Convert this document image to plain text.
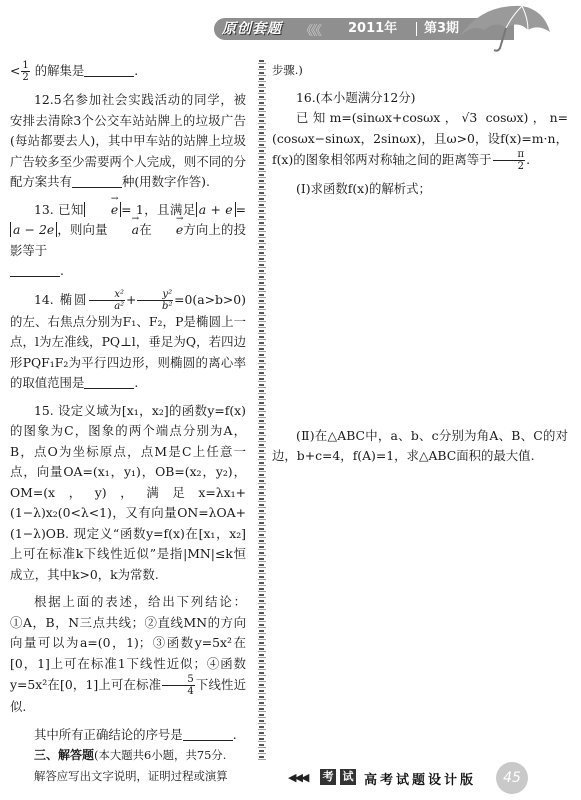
原创套题 《《《 2011年 第3期

< $\frac{1}{2}$ 的解集是	.

12.5名参加社会实践活动的同学，被安排去清除3个公交车站站牌上的垃圾广告(每站都要去人)，其中甲车站的站牌上垃圾广告较多至少需要两个人完成，则不同的分配方案共有	种(用数字作答).

13. 已知 → e = 1，且满足 a + e = a − 2e ，则向量 → a在 → e方向上的投影等于
.

14. 椭圆 $\frac{\text{x²}}{\text{a²}} + \frac{\text{y²}}{\text{b²}} =0(a>b>0)$的左、右焦点分别为F₁、F₂，P是椭圆上一点，l为左准线，PQ⊥l，垂足为Q，若四边形PQF₁F₂为平行四边形，则椭圆的离心率的取值范围是	.

15. 设定义域为[x₁，x₂]的函数y=f(x)的图象为C，图象的两个端点分别为A，B，点O为坐标原点，点M是C上任意一点，向量OA=(x₁，y₁)，OB=(x₂，y₂)，OM=(x，y)，满足x=λx₁+(1−λ)x₂(0<λ<1)，又有向量ON=λOA+(1−λ)OB. 现定义“函数y=f(x)在[x₁，x₂]上可在标准k下线性近似”是指|MN|≤k恒成立，其中k>0，k为常数.

根据上面的表述，给出下列结论：①A，B，N三点共线；②直线MN的方向向量可以为a=(0，1)；③函数y=5x²在[0，1]上可在标准1下线性近似；④函数y=5x²在[0，1]上可在标准 $\frac{5}{4}$ 下线性近似.

其中所有正确结论的序号是	.

三、解答题(本大题共6小题，共75分.

解答应写出文字说明，证明过程或演算

步骤.)

16.(本小题满分12分)

已知m=(sinωx+cosωx，√3 cosωx)，n=(cosωx−sinωx，2sinωx)，且ω>0，设f(x)=m·n，f(x)的图象相邻两对称轴之间的距离等于 $\frac{\pi}{2}$ .

(Ⅰ)求函数f(x)的解析式；

(Ⅱ)在△ABC中，a、b、c分别为角A、B、C的对边，b+c=4，f(A)=1，求△ABC面积的最大值.

◀◀◀ 考 试 高考试题设计版	45
